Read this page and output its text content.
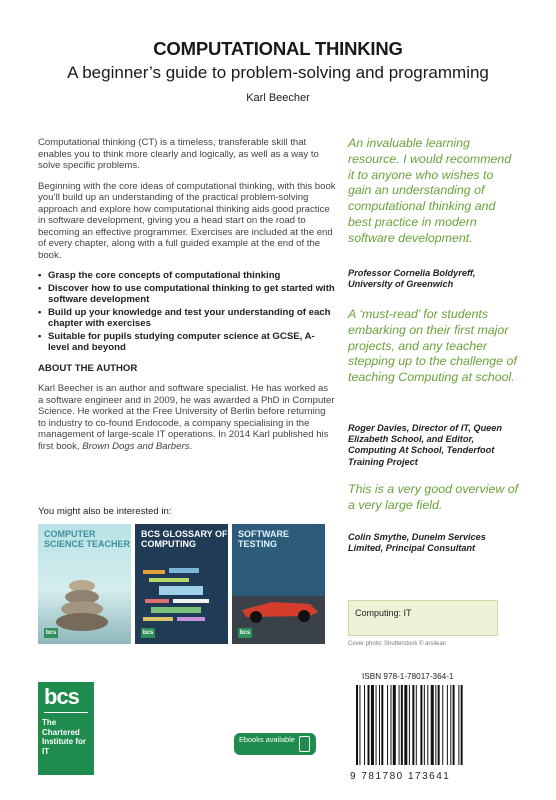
COMPUTATIONAL THINKING
A beginner’s guide to problem-solving and programming
Karl Beecher

Computational thinking (CT) is a timeless, transferable skill that enables you to think more clearly and logically, as well as a way to solve specific problems.

Beginning with the core ideas of computational thinking, with this book you’ll build up an understanding of the practical problem-solving approach and explore how computational thinking aids good practice in software development, giving you a head start on the road to becoming an effective programmer. Exercises are included at the end of every chapter, along with a full guided example at the end of the book.

• Grasp the core concepts of computational thinking
• Discover how to use computational thinking to get started with software development
• Build up your knowledge and test your understanding of each chapter with exercises
• Suitable for pupils studying computer science at GCSE, A-level and beyond

ABOUT THE AUTHOR

Karl Beecher is an author and software specialist. He has worked as a software engineer and in 2009, he was awarded a PhD in Computer Science. He worked at the Free University of Berlin before returning to industry to co-found Endocode, a company specialising in the management of large-scale IT operations. In 2014 Karl published his first book, Brown Dogs and Barbers.

An invaluable learning resource. I would recommend it to anyone who wishes to gain an understanding of computational thinking and best practice in modern software development.

Professor Cornelia Boldyreff, University of Greenwich

A ‘must-read’ for students embarking on their first major projects, and any teacher stepping up to the challenge of teaching Computing at school.

Roger Davies, Director of IT, Queen Elizabeth School, and Editor, Computing At School, Tenderfoot Training Project

This is a very good overview of a very large field.

Colin Smythe, Dunelm Services Limited, Principal Consultant

You might also be interested in:
COMPUTER SCIENCE TEACHER
bcs
BCS GLOSSARY OF COMPUTING
bcs
SOFTWARE TESTING
bcs
Computing: IT
Cover photo: Shutterstock © arsilean
ISBN 978-1-78017-364-1
9 781780 173641
bcs
The Chartered Institute for IT
Ebooks available
